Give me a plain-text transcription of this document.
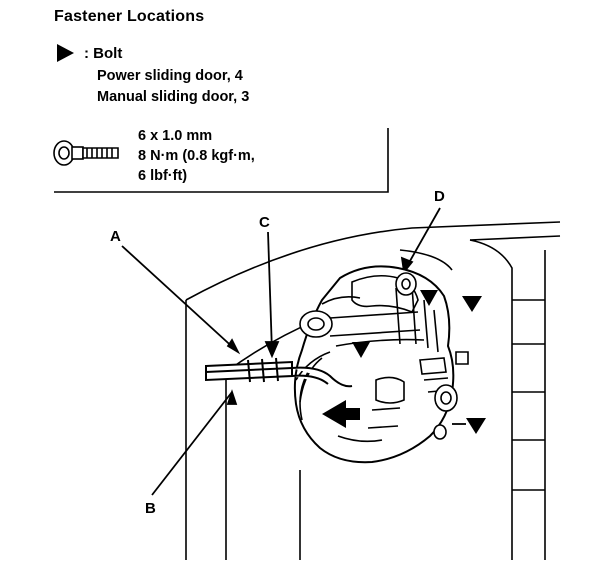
Fastener Locations
: Bolt
Power sliding door, 4
Manual sliding door, 3
6 x 1.0 mm
8 N·m (0.8 kgf·m,
6 lbf·ft)
A
B
C
D
